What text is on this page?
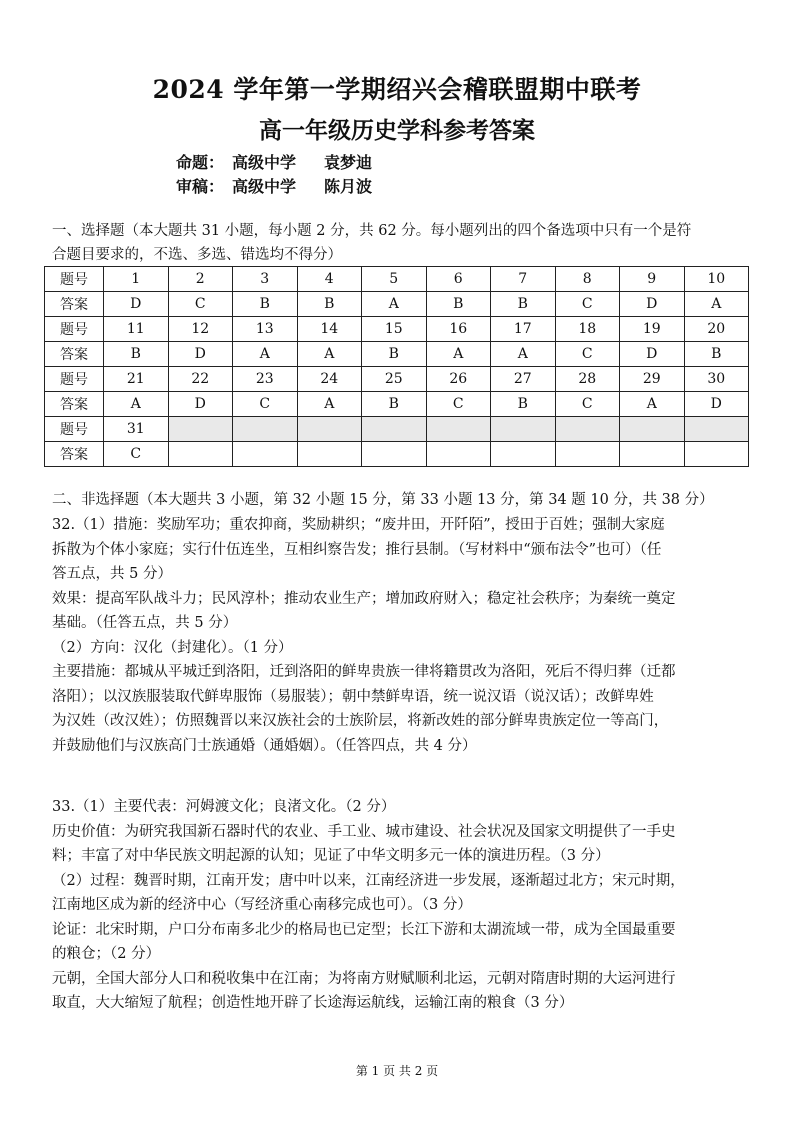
2024 学年第一学期绍兴会稽联盟期中联考
高一年级历史学科参考答案
命题： 高级中学 袁梦迪
审稿： 高级中学 陈月波
一、选择题（本大题共 31 小题，每小题 2 分，共 62 分。每小题列出的四个备选项中只有一个是符
合题目要求的，不选、多选、错选均不得分）
题号	1	2	3	4	5	6	7	8	9	10
答案	D	C	B	B	A	B	B	C	D	A
题号	11	12	13	14	15	16	17	18	19	20
答案	B	D	A	A	B	A	A	C	D	B
题号	21	22	23	24	25	26	27	28	29	30
答案	A	D	C	A	B	C	B	C	A	D
题号	31									
答案	C									
二、非选择题（本大题共 3 小题，第 32 小题 15 分，第 33 小题 13 分，第 34 题 10 分，共 38 分）
32.（1）措施：奖励军功；重农抑商，奖励耕织；“废井田，开阡陌”，授田于百姓；强制大家庭
拆散为个体小家庭；实行什伍连坐，互相纠察告发；推行县制。（写材料中“颁布法令”也可）（任
答五点，共 5 分）
效果：提高军队战斗力；民风淳朴；推动农业生产；增加政府财入；稳定社会秩序；为秦统一奠定
基础。（任答五点，共 5 分）
（2）方向：汉化（封建化）。（1 分）
主要措施：都城从平城迁到洛阳，迁到洛阳的鲜卑贵族一律将籍贯改为洛阳，死后不得归葬（迁都
洛阳）；以汉族服装取代鲜卑服饰（易服装）；朝中禁鲜卑语，统一说汉语（说汉话）；改鲜卑姓
为汉姓（改汉姓）；仿照魏晋以来汉族社会的士族阶层，将新改姓的部分鲜卑贵族定位一等高门，
并鼓励他们与汉族高门士族通婚（通婚姻）。（任答四点，共 4 分）
33.（1）主要代表：河姆渡文化；良渚文化。（2 分）
历史价值：为研究我国新石器时代的农业、手工业、城市建设、社会状况及国家文明提供了一手史
料；丰富了对中华民族文明起源的认知；见证了中华文明多元一体的演进历程。（3 分）
（2）过程：魏晋时期，江南开发；唐中叶以来，江南经济进一步发展，逐渐超过北方；宋元时期，
江南地区成为新的经济中心（写经济重心南移完成也可）。（3 分）
论证：北宋时期，户口分布南多北少的格局也已定型；长江下游和太湖流域一带，成为全国最重要
的粮仓；（2 分）
元朝，全国大部分人口和税收集中在江南；为将南方财赋顺利北运，元朝对隋唐时期的大运河进行
取直，大大缩短了航程；创造性地开辟了长途海运航线，运输江南的粮食（3 分）
第 1 页 共 2 页
